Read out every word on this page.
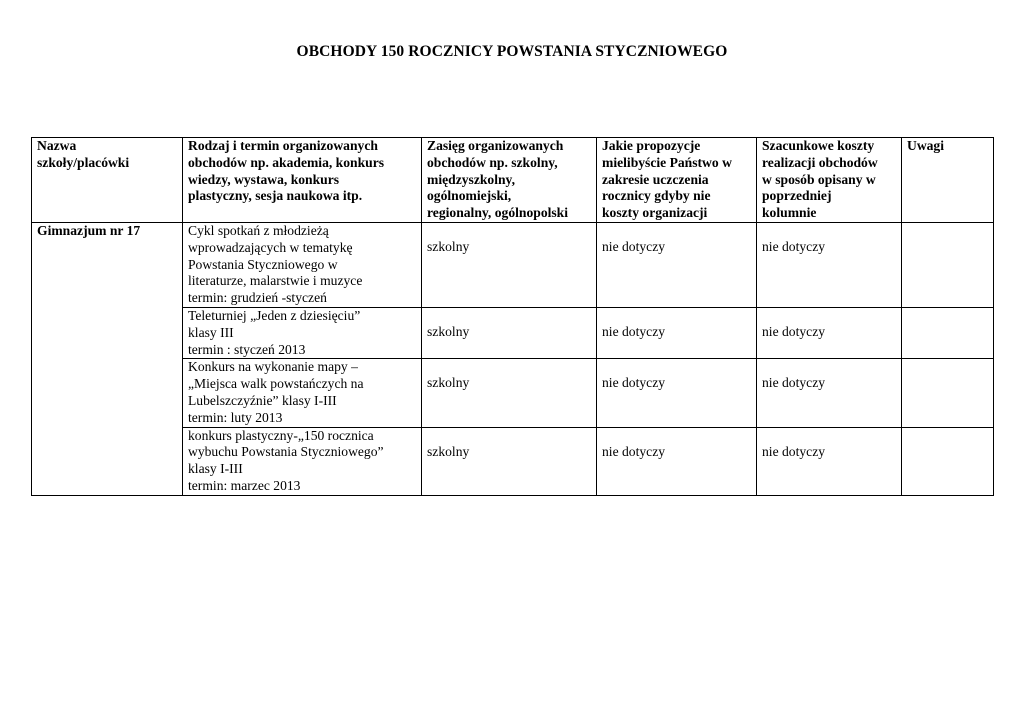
OBCHODY 150 ROCZNICY POWSTANIA STYCZNIOWEGO
Nazwa
szkoły/placówki	Rodzaj i termin organizowanych
obchodów np. akademia, konkurs
wiedzy, wystawa, konkurs
plastyczny, sesja naukowa itp.	Zasięg organizowanych
obchodów np. szkolny,
międzyszkolny,
ogólnomiejski,
regionalny, ogólnopolski	Jakie propozycje
mielibyście Państwo w
zakresie uczczenia
rocznicy gdyby nie
koszty organizacji	Szacunkowe koszty
realizacji obchodów
w sposób opisany w
poprzedniej
kolumnie	Uwagi

Gimnazjum nr 17	Cykl spotkań z młodzieżą
wprowadzających w tematykę
Powstania Styczniowego w
literaturze, malarstwie i muzyce
termin: grudzień -styczeń	szkolny	nie dotyczy	nie dotyczy	

	Teleturniej „Jeden z dziesięciu”
klasy III
termin : styczeń 2013	szkolny	nie dotyczy	nie dotyczy	

	Konkurs na wykonanie mapy –
„Miejsca walk powstańczych na
Lubelszczyźnie” klasy I-III
termin: luty 2013	szkolny	nie dotyczy	nie dotyczy	

	konkurs plastyczny-„150 rocznica
wybuchu Powstania Styczniowego”
klasy I-III
termin: marzec 2013	szkolny	nie dotyczy	nie dotyczy	
